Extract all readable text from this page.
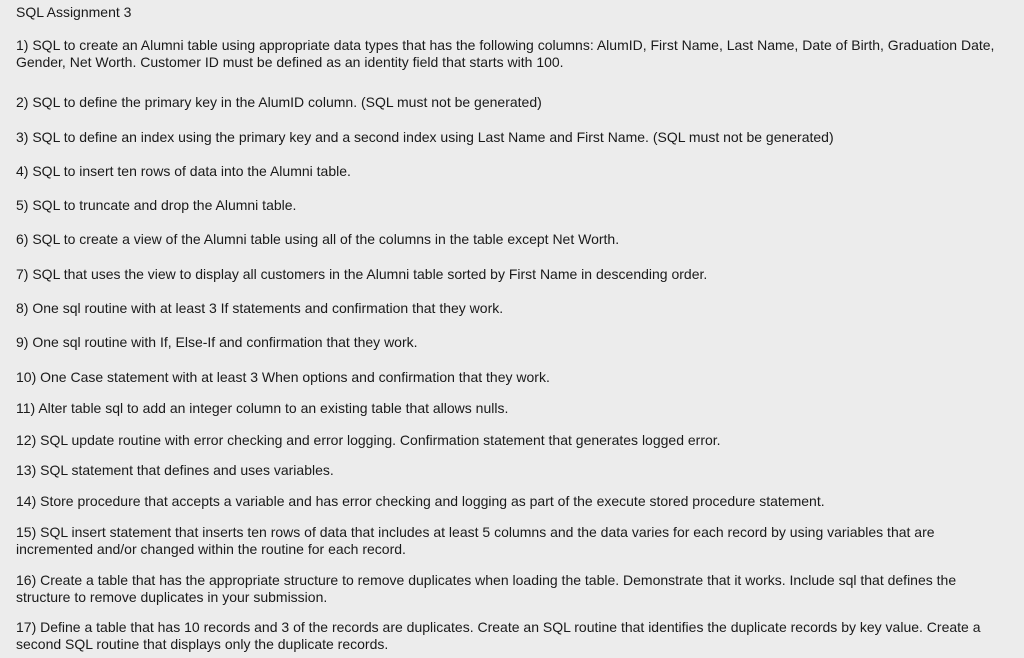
SQL Assignment 3
1) SQL to create an Alumni table using appropriate data types that has the following columns: AlumID, First Name, Last Name, Date of Birth, Graduation Date, Gender, Net Worth. Customer ID must be defined as an identity field that starts with 100.
2) SQL to define the primary key in the AlumID column. (SQL must not be generated)
3) SQL to define an index using the primary key and a second index using Last Name and First Name. (SQL must not be generated)
4) SQL to insert ten rows of data into the Alumni table.
5) SQL to truncate and drop the Alumni table.
6) SQL to create a view of the Alumni table using all of the columns in the table except Net Worth.
7) SQL that uses the view to display all customers in the Alumni table sorted by First Name in descending order.
8) One sql routine with at least 3 If statements and confirmation that they work.
9) One sql routine with If, Else-If and confirmation that they work.
10) One Case statement with at least 3 When options and confirmation that they work.
11) Alter table sql to add an integer column to an existing table that allows nulls.
12) SQL update routine with error checking and error logging. Confirmation statement that generates logged error.
13) SQL statement that defines and uses variables.
14) Store procedure that accepts a variable and has error checking and logging as part of the execute stored procedure statement.
15) SQL insert statement that inserts ten rows of data that includes at least 5 columns and the data varies for each record by using variables that are incremented and/or changed within the routine for each record.
16) Create a table that has the appropriate structure to remove duplicates when loading the table. Demonstrate that it works. Include sql that defines the structure to remove duplicates in your submission.
17) Define a table that has 10 records and 3 of the records are duplicates. Create an SQL routine that identifies the duplicate records by key value. Create a second SQL routine that displays only the duplicate records.
